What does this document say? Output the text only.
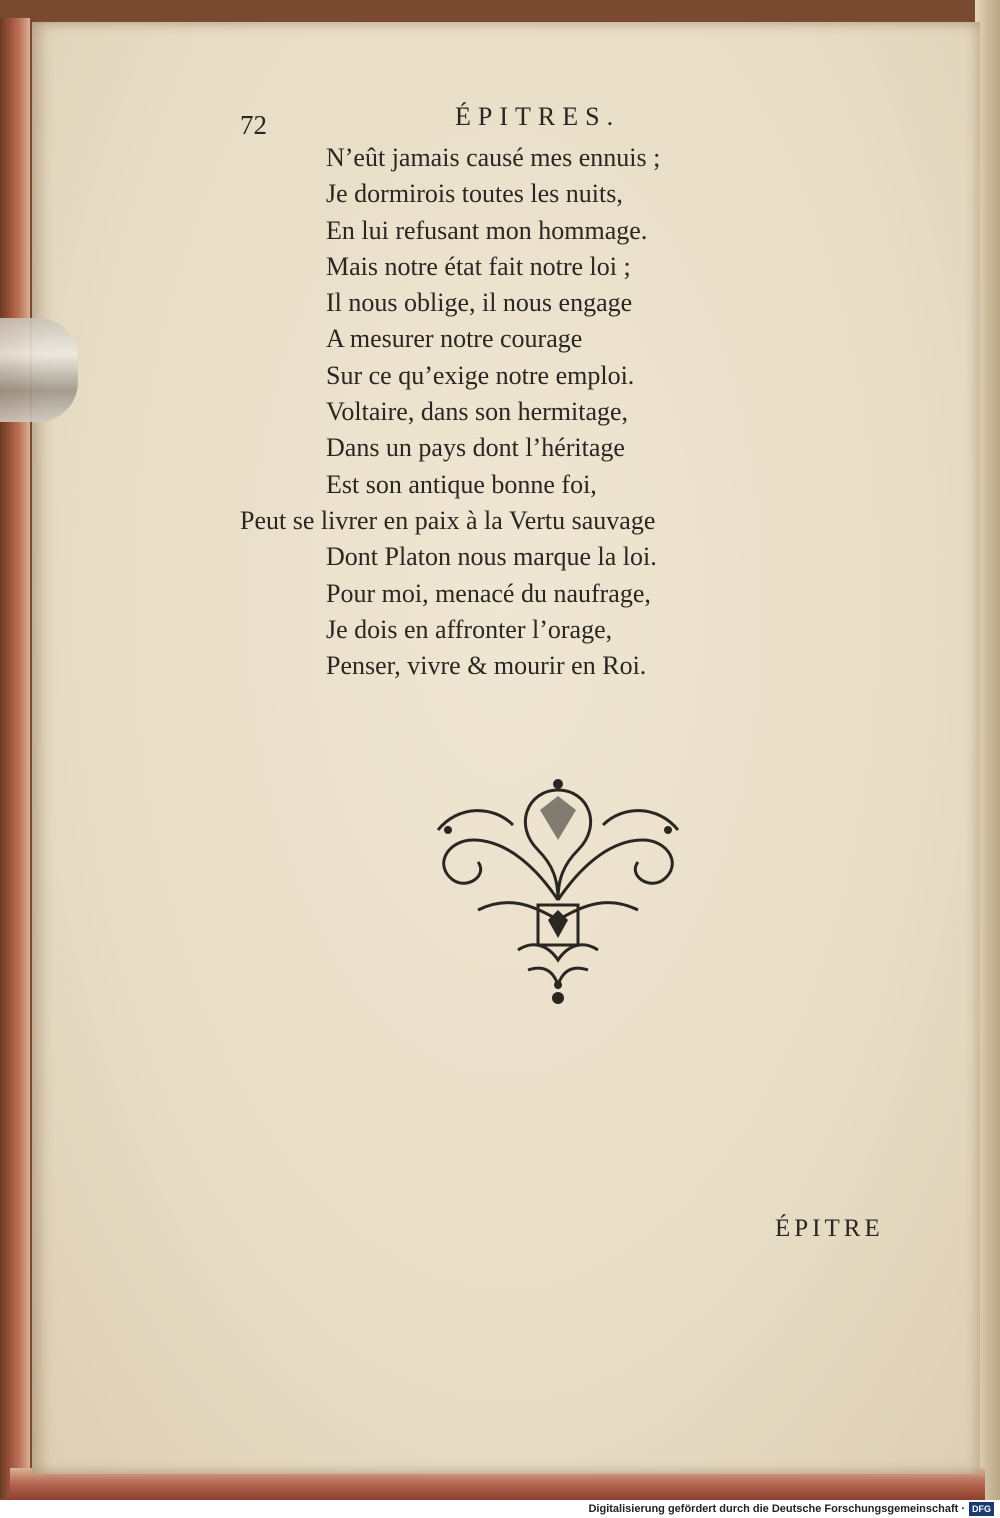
72	ÉPITRES.
N’eût jamais causé mes ennuis ;
Je dormirois toutes les nuits,
En lui refusant mon hommage.
Mais notre état fait notre loi ;
Il nous oblige, il nous engage
A mesurer notre courage
Sur ce qu’exige notre emploi.
Voltaire, dans son hermitage,
Dans un pays dont l’héritage
Est son antique bonne foi,
Peut se livrer en paix à la Vertu sauvage
Dont Platon nous marque la loi.
Pour moi, menacé du naufrage,
Je dois en affronter l’orage,
Penser, vivre & mourir en Roi.
ÉPITRE
Digitalisierung gefördert durch die Deutsche Forschungsgemeinschaft · DFG
